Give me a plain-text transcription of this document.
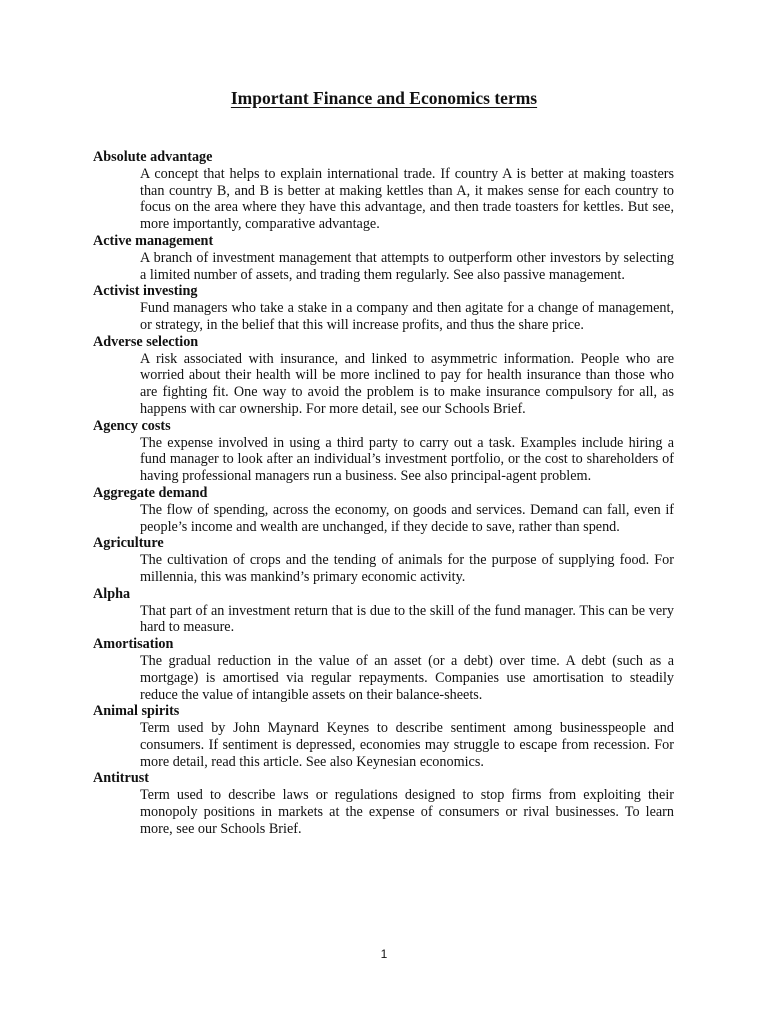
Important Finance and Economics terms
Absolute advantage
A concept that helps to explain international trade. If country A is better at making toasters than country B, and B is better at making kettles than A, it makes sense for each country to focus on the area where they have this advantage, and then trade toasters for kettles. But see, more importantly, comparative advantage.
Active management
A branch of investment management that attempts to outperform other investors by selecting a limited number of assets, and trading them regularly. See also passive management.
Activist investing
Fund managers who take a stake in a company and then agitate for a change of management, or strategy, in the belief that this will increase profits, and thus the share price.
Adverse selection
A risk associated with insurance, and linked to asymmetric information. People who are worried about their health will be more inclined to pay for health insurance than those who are fighting fit. One way to avoid the problem is to make insurance compulsory for all, as happens with car ownership. For more detail, see our Schools Brief.
Agency costs
The expense involved in using a third party to carry out a task. Examples include hiring a fund manager to look after an individual’s investment portfolio, or the cost to shareholders of having professional managers run a business. See also principal-agent problem.
Aggregate demand
The flow of spending, across the economy, on goods and services. Demand can fall, even if people’s income and wealth are unchanged, if they decide to save, rather than spend.
Agriculture
The cultivation of crops and the tending of animals for the purpose of supplying food. For millennia, this was mankind’s primary economic activity.
Alpha
That part of an investment return that is due to the skill of the fund manager. This can be very hard to measure.
Amortisation
The gradual reduction in the value of an asset (or a debt) over time. A debt (such as a mortgage) is amortised via regular repayments. Companies use amortisation to steadily reduce the value of intangible assets on their balance-sheets.
Animal spirits
Term used by John Maynard Keynes to describe sentiment among businesspeople and consumers. If sentiment is depressed, economies may struggle to escape from recession. For more detail, read this article. See also Keynesian economics.
Antitrust
Term used to describe laws or regulations designed to stop firms from exploiting their monopoly positions in markets at the expense of consumers or rival businesses. To learn more, see our Schools Brief.
1
